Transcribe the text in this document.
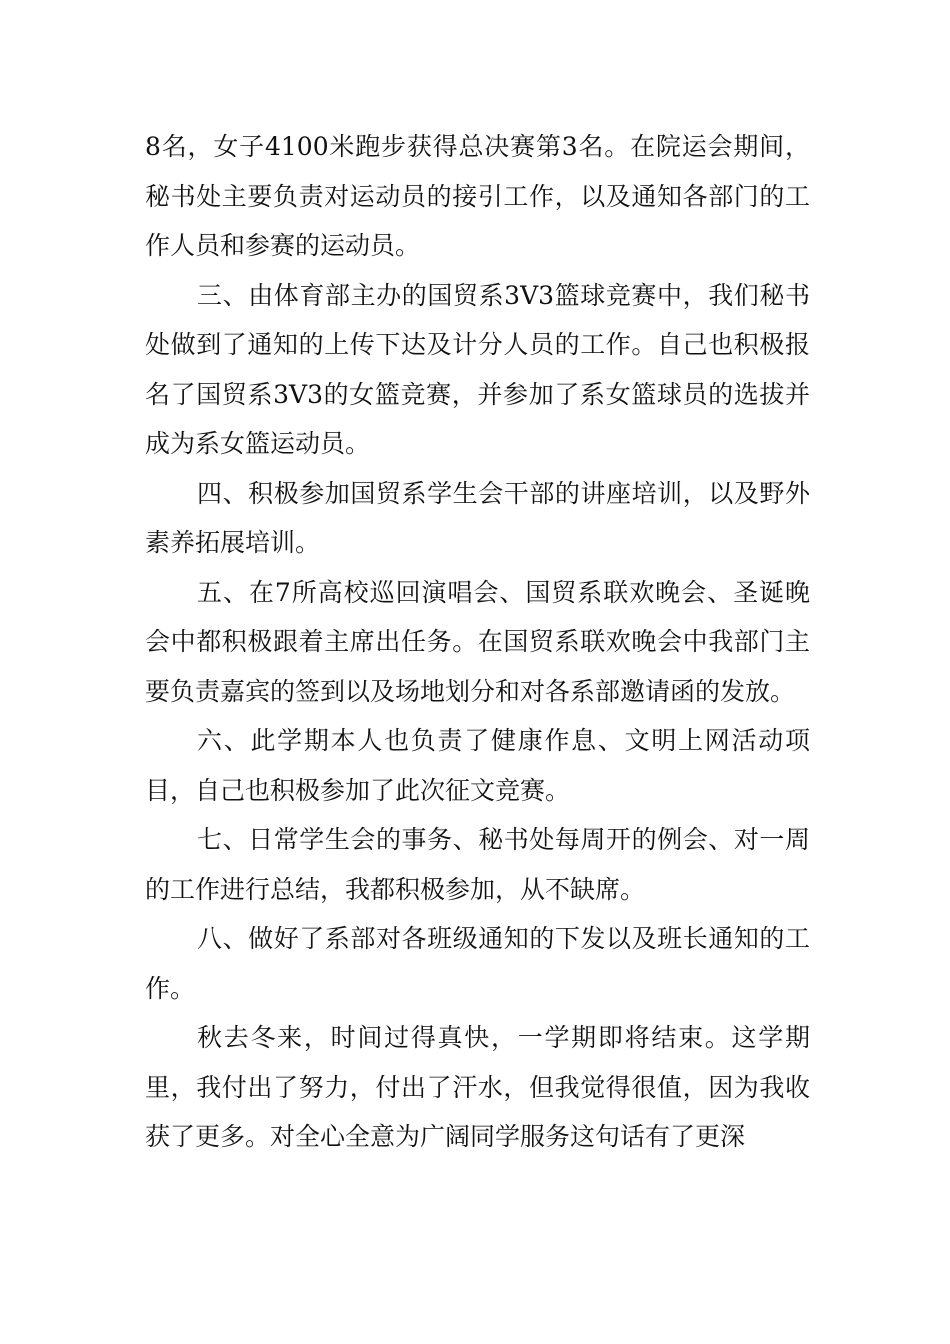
8名，女子4100米跑步获得总决赛第3名。在院运会期间，秘书处主要负责对运动员的接引工作，以及通知各部门的工作人员和参赛的运动员。

三、由体育部主办的国贸系3V3篮球竞赛中，我们秘书处做到了通知的上传下达及计分人员的工作。自己也积极报名了国贸系3V3的女篮竞赛，并参加了系女篮球员的选拔并成为系女篮运动员。

四、积极参加国贸系学生会干部的讲座培训，以及野外素养拓展培训。

五、在7所高校巡回演唱会、国贸系联欢晚会、圣诞晚会中都积极跟着主席出任务。在国贸系联欢晚会中我部门主要负责嘉宾的签到以及场地划分和对各系部邀请函的发放。

六、此学期本人也负责了健康作息、文明上网活动项目，自己也积极参加了此次征文竞赛。

七、日常学生会的事务、秘书处每周开的例会、对一周的工作进行总结，我都积极参加，从不缺席。

八、做好了系部对各班级通知的下发以及班长通知的工作。

秋去冬来，时间过得真快，一学期即将结束。这学期里，我付出了努力，付出了汗水，但我觉得很值，因为我收获了更多。对全心全意为广阔同学服务这句话有了更深
